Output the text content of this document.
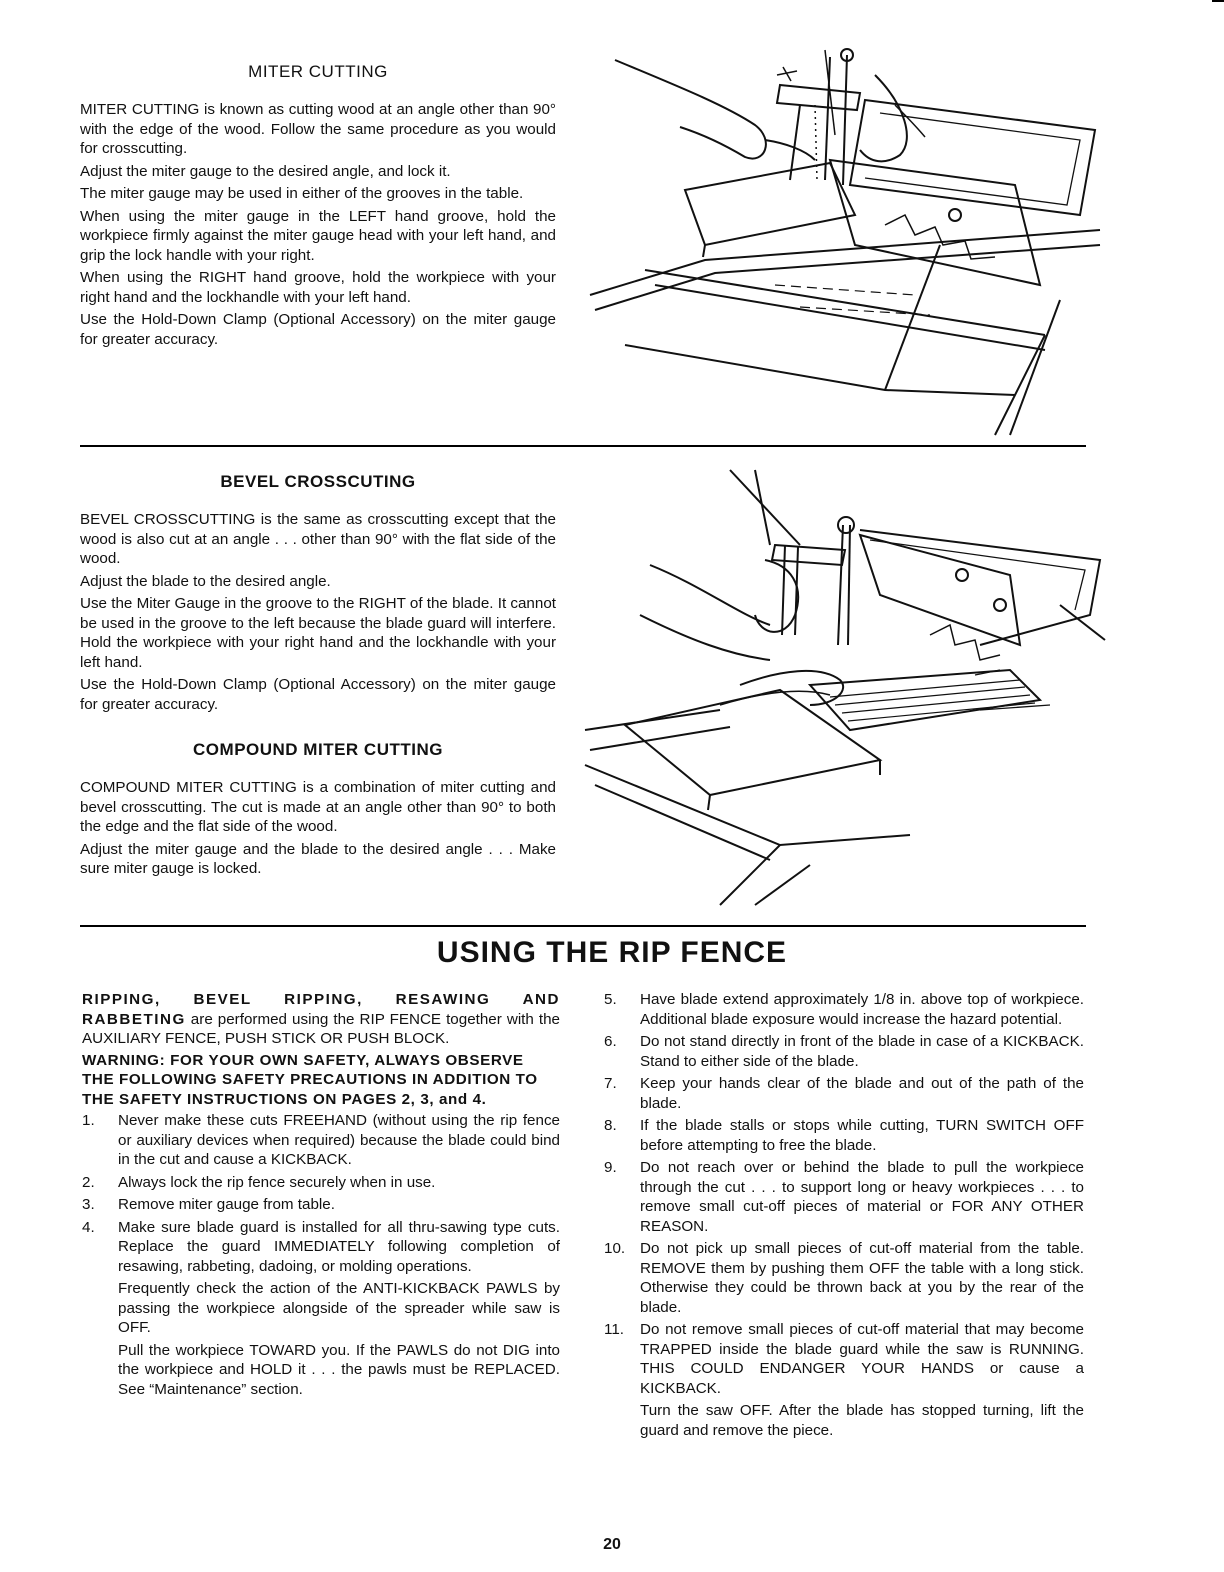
MITER CUTTING

MITER CUTTING is known as cutting wood at an angle other than 90° with the edge of the wood. Follow the same procedure as you would for crosscutting.

Adjust the miter gauge to the desired angle, and lock it.

The miter gauge may be used in either of the grooves in the table.

When using the miter gauge in the LEFT hand groove, hold the workpiece firmly against the miter gauge head with your left hand, and grip the lock handle with your right.

When using the RIGHT hand groove, hold the workpiece with your right hand and the lockhandle with your left hand.

Use the Hold-Down Clamp (Optional Accessory) on the miter gauge for greater accuracy.

BEVEL CROSSCUTING

BEVEL CROSSCUTTING is the same as crosscutting except that the wood is also cut at an angle . . . other than 90° with the flat side of the wood.

Adjust the blade to the desired angle.

Use the Miter Gauge in the groove to the RIGHT of the blade. It cannot be used in the groove to the left because the blade guard will interfere. Hold the workpiece with your right hand and the lockhandle with your left hand.

Use the Hold-Down Clamp (Optional Accessory) on the miter gauge for greater accuracy.

COMPOUND MITER CUTTING

COMPOUND MITER CUTTING is a combination of miter cutting and bevel crosscutting. The cut is made at an angle other than 90° to both the edge and the flat side of the wood.

Adjust the miter gauge and the blade to the desired angle . . . Make sure miter gauge is locked.

USING THE RIP FENCE

RIPPING, BEVEL RIPPING, RESAWING AND RABBETING are performed using the RIP FENCE together with the AUXILIARY FENCE, PUSH STICK OR PUSH BLOCK.

WARNING: FOR YOUR OWN SAFETY, ALWAYS OBSERVE THE FOLLOWING SAFETY PRECAUTIONS IN ADDITION TO THE SAFETY INSTRUCTIONS ON PAGES 2, 3, and 4.

1.	Never make these cuts FREEHAND (without using the rip fence or auxiliary devices when required) because the blade could bind in the cut and cause a KICKBACK.
2.	Always lock the rip fence securely when in use.
3.	Remove miter gauge from table.
4.	Make sure blade guard is installed for all thru-sawing type cuts. Replace the guard IMMEDIATELY following completion of resawing, rabbeting, dadoing, or molding operations.

Frequently check the action of the ANTI-KICKBACK PAWLS by passing the workpiece alongside of the spreader while saw is OFF.

Pull the workpiece TOWARD you. If the PAWLS do not DIG into the workpiece and HOLD it . . . the pawls must be REPLACED. See “Maintenance” section.

5.	Have blade extend approximately 1/8 in. above top of workpiece. Additional blade exposure would increase the hazard potential.
6.	Do not stand directly in front of the blade in case of a KICKBACK. Stand to either side of the blade.
7.	Keep your hands clear of the blade and out of the path of the blade.
8.	If the blade stalls or stops while cutting, TURN SWITCH OFF before attempting to free the blade.
9.	Do not reach over or behind the blade to pull the workpiece through the cut . . . to support long or heavy workpieces . . . to remove small cut-off pieces of material or FOR ANY OTHER REASON.
10. Do not pick up small pieces of cut-off material from the table. REMOVE them by pushing them OFF the table with a long stick. Otherwise they could be thrown back at you by the rear of the blade.
11.	Do not remove small pieces of cut-off material that may become TRAPPED inside the blade guard while the saw is RUNNING. THIS COULD ENDANGER YOUR HANDS or cause a KICKBACK.

Turn the saw OFF. After the blade has stopped turning, lift the guard and remove the piece.

20
